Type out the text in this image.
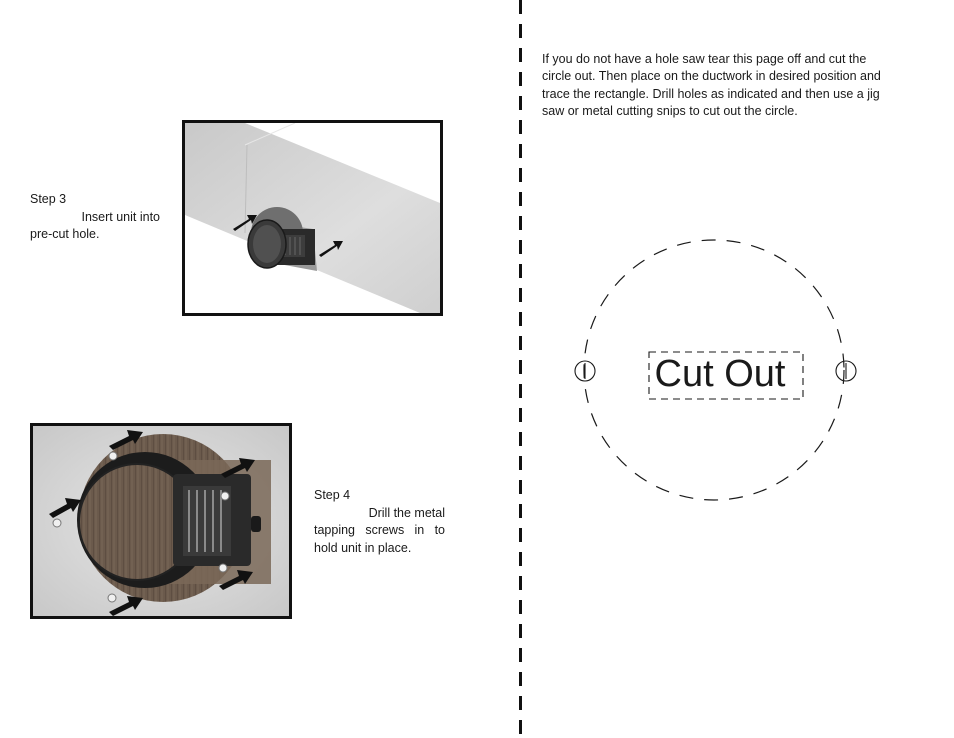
Step 3
Insert unit into
pre-cut hole.
Step 4
Drill the metal
tapping screws in to
hold unit in place.
If you do not have a hole saw tear this page off and cut the circle out. Then place on the ductwork in desired position and trace the rectangle. Drill holes as indicated and then use a jig saw or metal cutting snips to cut out the circle.
Cut Out
